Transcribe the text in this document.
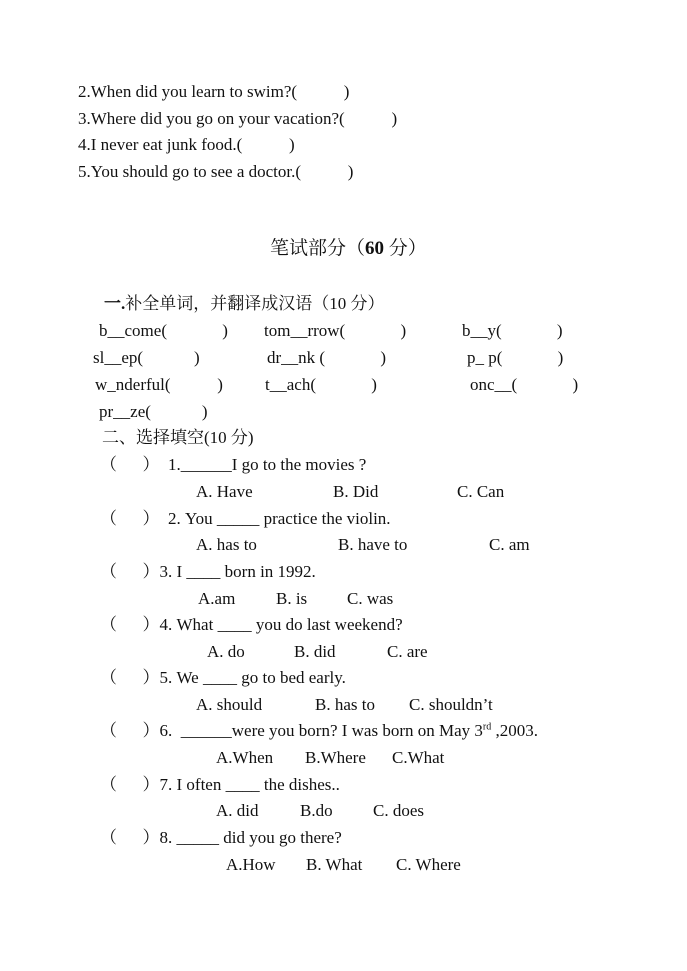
2.When did you learn to swim?(           )
3.Where did you go on your vacation?(           )
4.I never eat junk food.(           )
5.You should go to see a doctor.(           )
笔试部分（60 分）
一.补全单词，并翻译成汉语（10 分）
b__come(             ) tom__rrow(             )	b__y(             )
sl__ep(            )	dr__nk (             )	p_ p(             )
w_nderful(           ) t__ach(             )	onc__(             )
pr__ze(            )
二、选择填空(10 分)
（      ）  1.______I go to the movies ?
A. Have	B. Did	C. Can
（      ）  2. You _____ practice the violin.
A. has to	B. have to	C. am
（      ）3. I ____ born in 1992.
A.am B. is C. was
（      ）4. What ____ you do last weekend?
A. do	B. did	C. are
（      ）5. We ____ go to bed early.
A. should	B. has to C. shouldn’t
（      ）6.  ______were you born? I was born on May 3rd ,2003.
A.When B.Where C.What
（      ）7. I often ____ the dishes..
A. did B.do C. does
（      ）8. _____ did you go there?
A.How B. What C. Where
